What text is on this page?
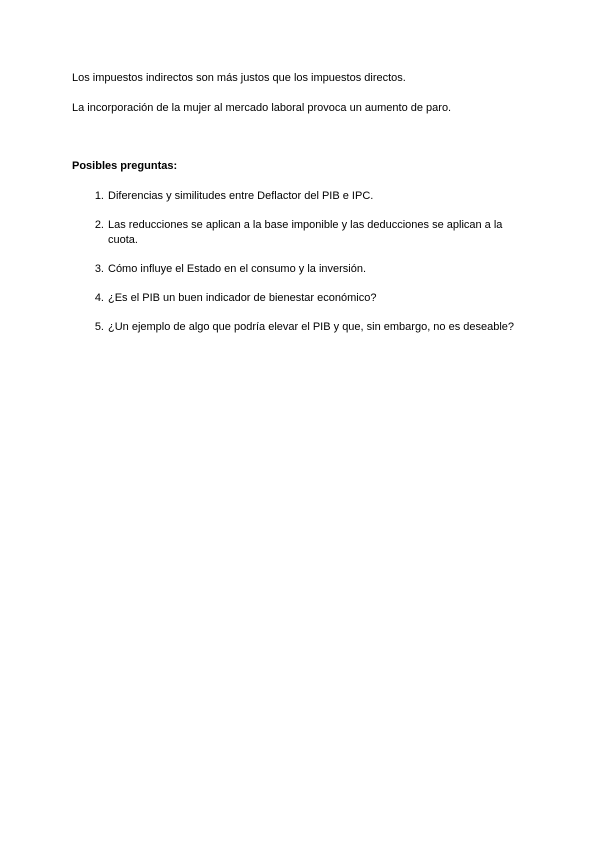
Los impuestos indirectos son más justos que los impuestos directos.
La incorporación de la mujer al mercado laboral provoca un aumento de paro.
Posibles preguntas:
1. Diferencias y similitudes entre Deflactor del PIB e IPC.
2. Las reducciones se aplican a la base imponible y las deducciones se aplican a la cuota.
3. Cómo influye el Estado en el consumo y la inversión.
4. ¿Es el PIB un buen indicador de bienestar económico?
5. ¿Un ejemplo de algo que podría elevar el PIB y que, sin embargo, no es deseable?
